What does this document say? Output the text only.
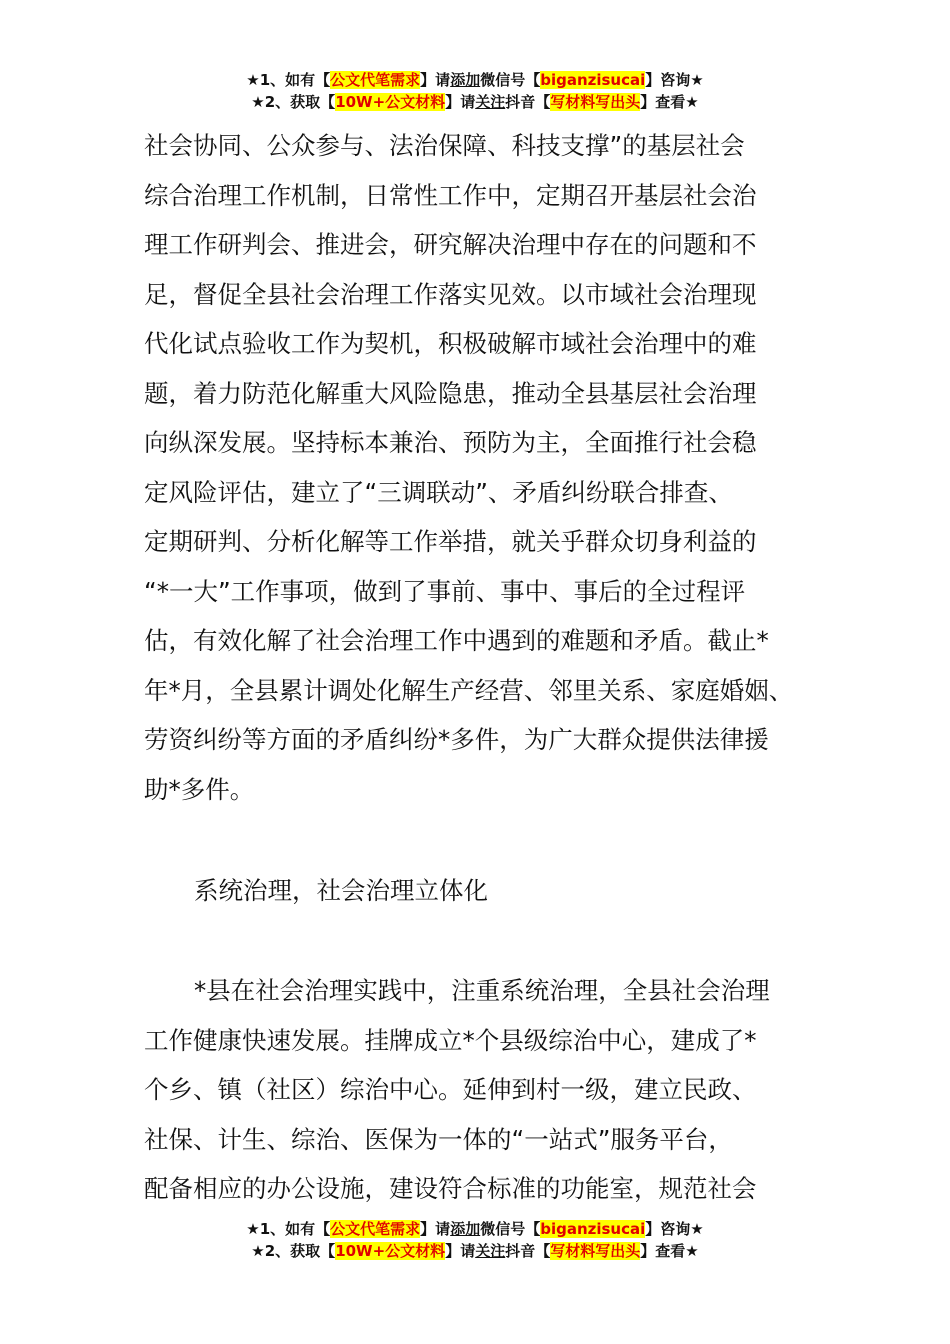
★1、如有【公文代笔需求】请添加微信号【biganzisucai】咨询★
★2、获取【10W+公文材料】请关注抖音【写材料写出头】查看★
社会协同、公众参与、法治保障、科技支撑”的基层社会
综合治理工作机制，日常性工作中，定期召开基层社会治
理工作研判会、推进会，研究解决治理中存在的问题和不
足，督促全县社会治理工作落实见效。以市域社会治理现
代化试点验收工作为契机，积极破解市域社会治理中的难
题，着力防范化解重大风险隐患，推动全县基层社会治理
向纵深发展。坚持标本兼治、预防为主，全面推行社会稳
定风险评估，建立了“三调联动”、矛盾纠纷联合排查、
定期研判、分析化解等工作举措，就关乎群众切身利益的
“*一大”工作事项，做到了事前、事中、事后的全过程评
估，有效化解了社会治理工作中遇到的难题和矛盾。截止*
年*月，全县累计调处化解生产经营、邻里关系、家庭婚姻、
劳资纠纷等方面的矛盾纠纷*多件，为广大群众提供法律援
助*多件。
系统治理，社会治理立体化
*县在社会治理实践中，注重系统治理，全县社会治理
工作健康快速发展。挂牌成立*个县级综治中心，建成了*
个乡、镇（社区）综治中心。延伸到村一级，建立民政、
社保、计生、综治、医保为一体的“一站式”服务平台，
配备相应的办公设施，建设符合标准的功能室，规范社会
★1、如有【公文代笔需求】请添加微信号【biganzisucai】咨询★
★2、获取【10W+公文材料】请关注抖音【写材料写出头】查看★
